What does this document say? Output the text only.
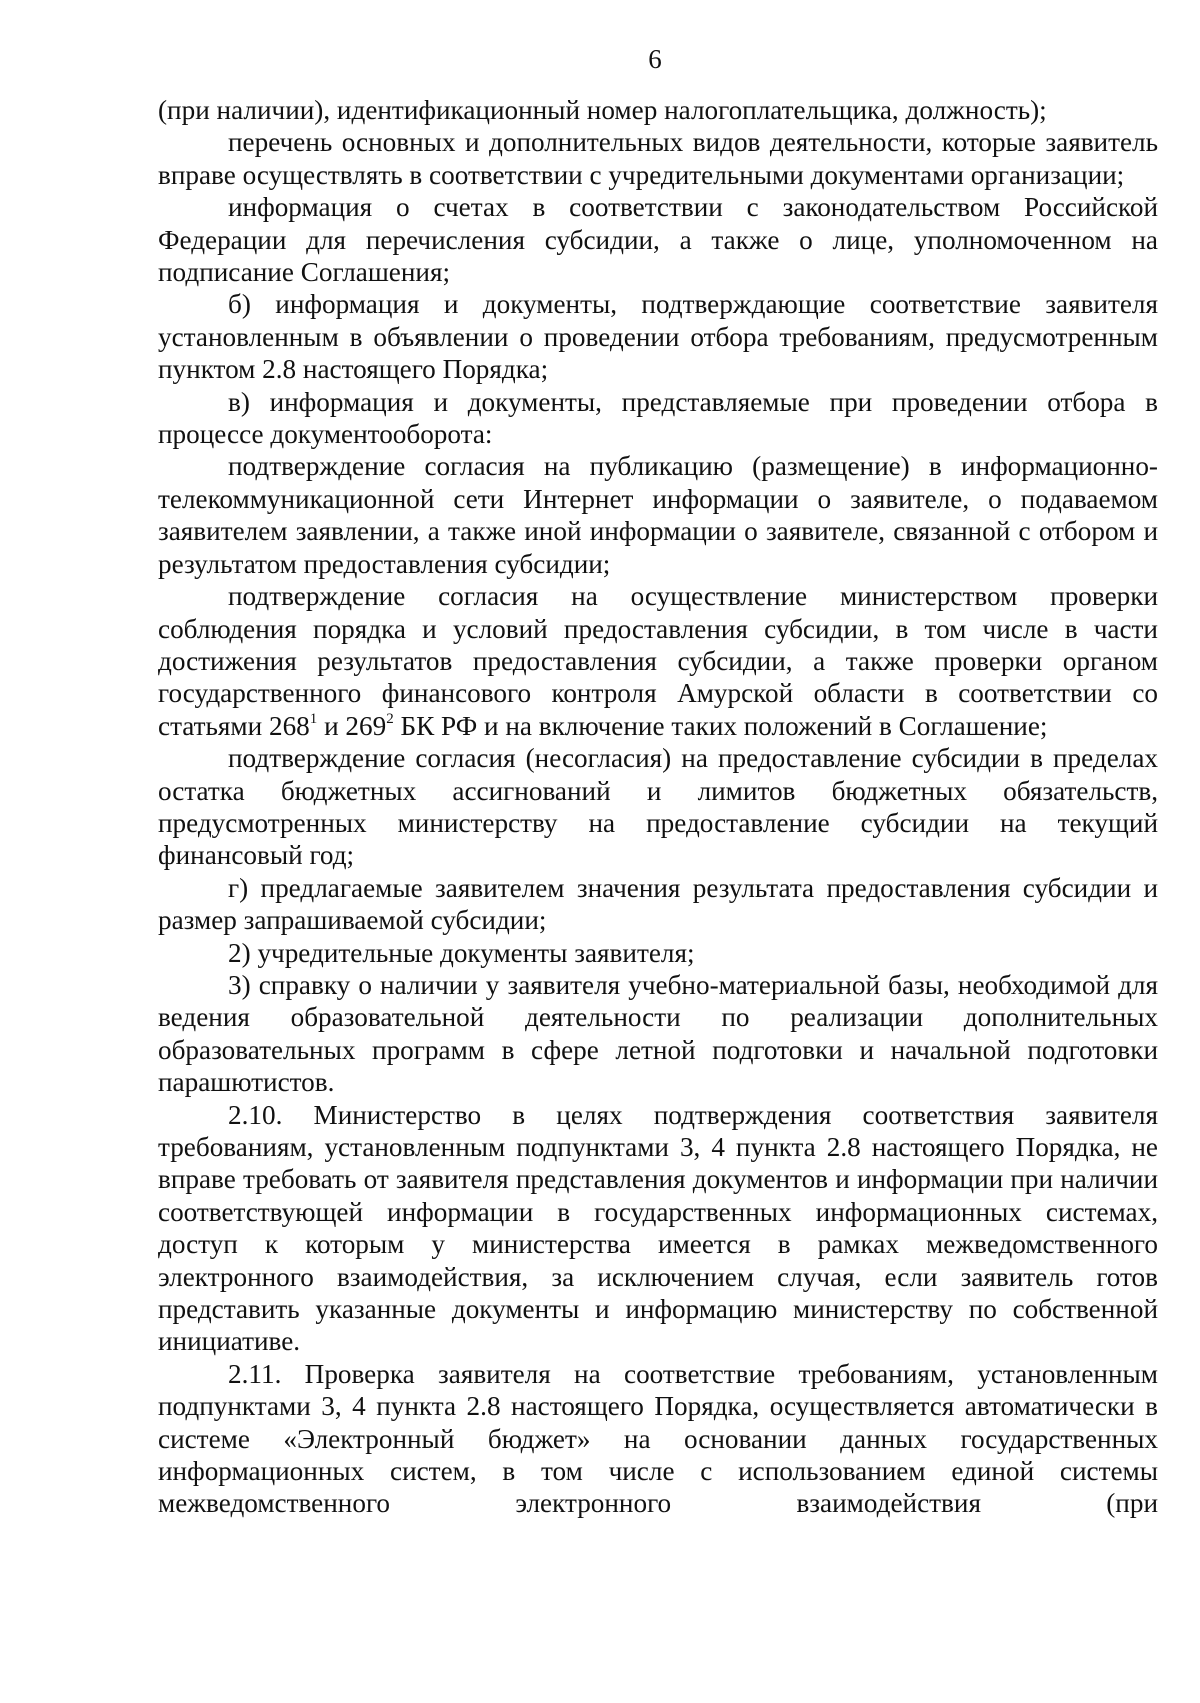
6

(при наличии), идентификационный номер налогоплательщика, должность);

перечень основных и дополнительных видов деятельности, которые заявитель вправе осуществлять в соответствии с учредительными документами организации;

информация о счетах в соответствии с законодательством Российской Федерации для перечисления субсидии, а также о лице, уполномоченном на подписание Соглашения;

б) информация и документы, подтверждающие соответствие заявителя установленным в объявлении о проведении отбора требованиям, предусмотренным пунктом 2.8 настоящего Порядка;

в) информация и документы, представляемые при проведении отбора в процессе документооборота:

подтверждение согласия на публикацию (размещение) в информационно-телекоммуникационной сети Интернет информации о заявителе, о подаваемом заявителем заявлении, а также иной информации о заявителе, связанной с отбором и результатом предоставления субсидии;

подтверждение согласия на осуществление министерством проверки соблюдения порядка и условий предоставления субсидии, в том числе в части достижения результатов предоставления субсидии, а также проверки органом государственного финансового контроля Амурской области в соответствии со статьями $268^1$ и $269^2$ БК РФ и на включение таких положений в Соглашение;

подтверждение согласия (несогласия) на предоставление субсидии в пределах остатка бюджетных ассигнований и лимитов бюджетных обязательств, предусмотренных министерству на предоставление субсидии на текущий финансовый год;

г) предлагаемые заявителем значения результата предоставления субсидии и размер запрашиваемой субсидии;

2) учредительные документы заявителя;

3) справку о наличии у заявителя учебно-материальной базы, необходимой для ведения образовательной деятельности по реализации дополнительных образовательных программ в сфере летной подготовки и начальной подготовки парашютистов.

2.10. Министерство в целях подтверждения соответствия заявителя требованиям, установленным подпунктами 3, 4 пункта 2.8 настоящего Порядка, не вправе требовать от заявителя представления документов и информации при наличии соответствующей информации в государственных информационных системах, доступ к которым у министерства имеется в рамках межведомственного электронного взаимодействия, за исключением случая, если заявитель готов представить указанные документы и информацию министерству по собственной инициативе.

2.11. Проверка заявителя на соответствие требованиям, установленным подпунктами 3, 4 пункта 2.8 настоящего Порядка, осуществляется автоматически в системе «Электронный бюджет» на основании данных государственных информационных систем, в том числе с использованием единой системы межведомственного электронного взаимодействия (при
